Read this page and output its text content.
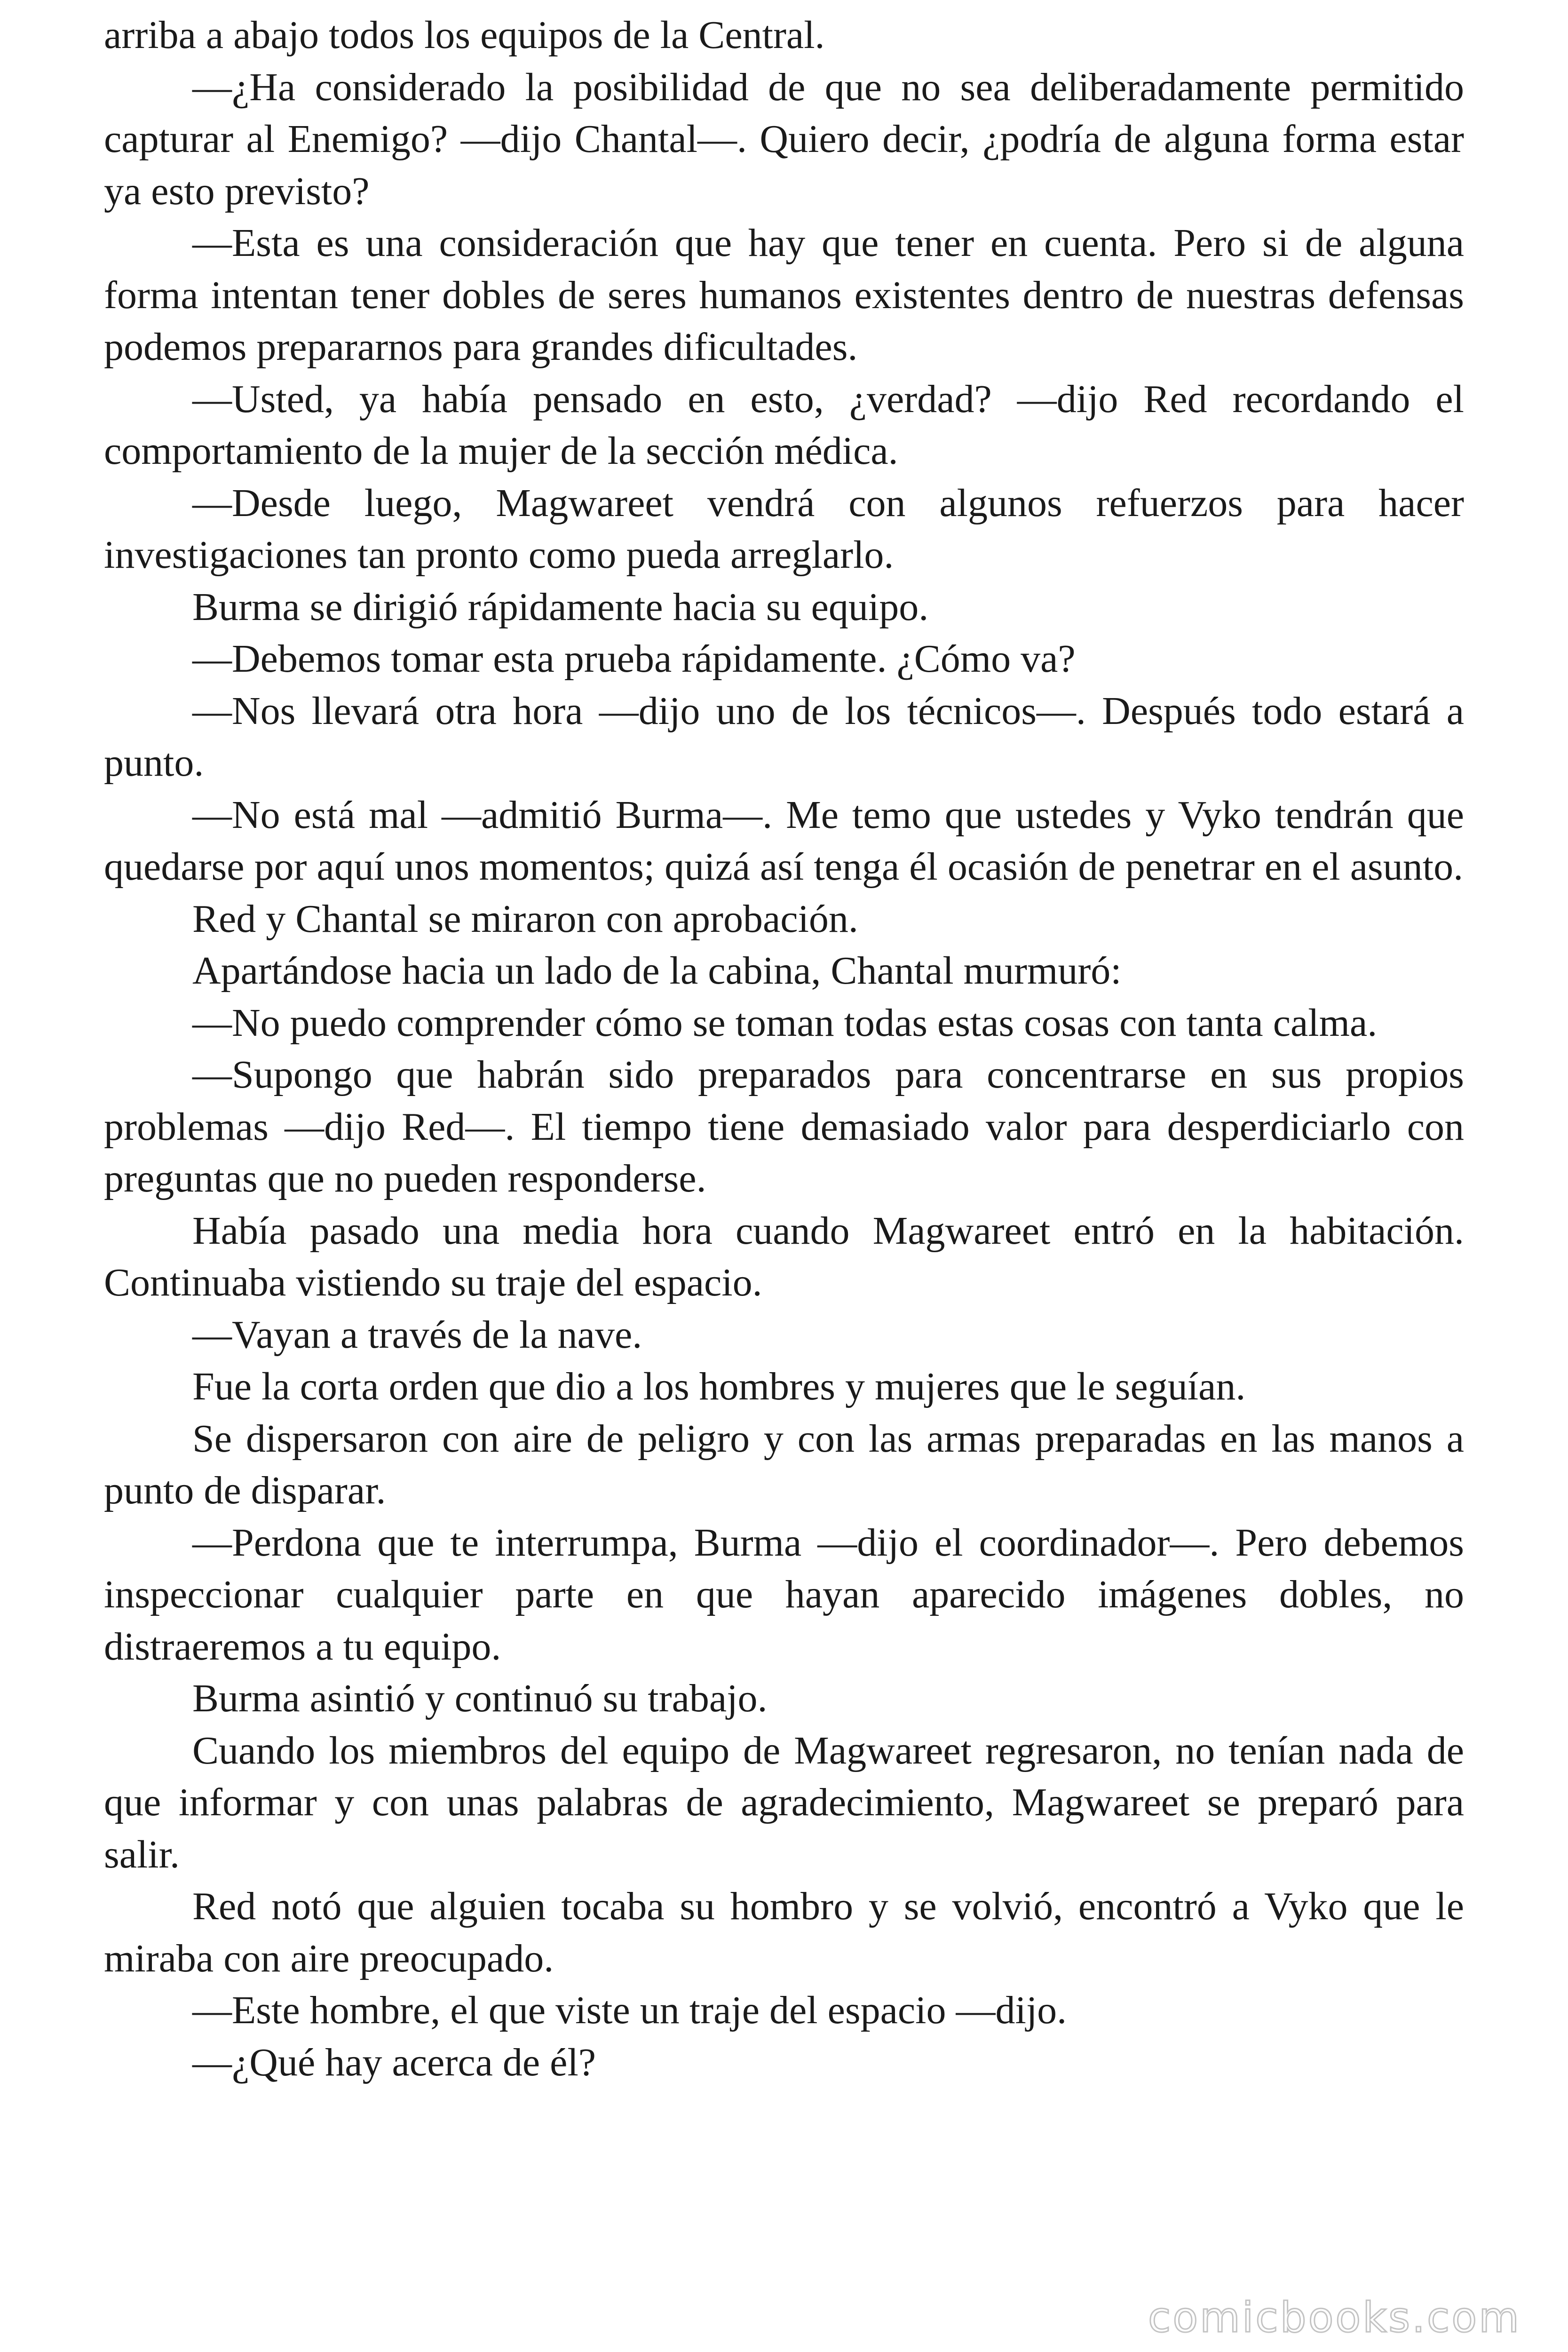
arriba a abajo todos los equipos de la Central.

—¿Ha considerado la posibilidad de que no sea deliberadamente permitido capturar al Enemigo? —dijo Chantal—. Quiero decir, ¿podría de alguna forma estar ya esto previsto?

—Esta es una consideración que hay que tener en cuenta. Pero si de alguna forma intentan tener dobles de seres humanos existentes dentro de nuestras defensas podemos prepararnos para grandes dificultades.

—Usted, ya había pensado en esto, ¿verdad? —dijo Red recordando el comportamiento de la mujer de la sección médica.

—Desde luego, Magwareet vendrá con algunos refuerzos para hacer investigaciones tan pronto como pueda arreglarlo.

Burma se dirigió rápidamente hacia su equipo.

—Debemos tomar esta prueba rápidamente. ¿Cómo va?

—Nos llevará otra hora —dijo uno de los técnicos—. Después todo estará a punto.

—No está mal —admitió Burma—. Me temo que ustedes y Vyko tendrán que quedarse por aquí unos momentos; quizá así tenga él ocasión de penetrar en el asunto.

Red y Chantal se miraron con aprobación.

Apartándose hacia un lado de la cabina, Chantal murmuró:

—No puedo comprender cómo se toman todas estas cosas con tanta calma.

—Supongo que habrán sido preparados para concentrarse en sus propios problemas —dijo Red—. El tiempo tiene demasiado valor para desperdiciarlo con preguntas que no pueden responderse.

Había pasado una media hora cuando Magwareet entró en la habitación. Continuaba vistiendo su traje del espacio.

—Vayan a través de la nave.

Fue la corta orden que dio a los hombres y mujeres que le seguían.

Se dispersaron con aire de peligro y con las armas preparadas en las manos a punto de disparar.

—Perdona que te interrumpa, Burma —dijo el coordinador—. Pero debemos inspeccionar cualquier parte en que hayan aparecido imágenes dobles, no distraeremos a tu equipo.

Burma asintió y continuó su trabajo.

Cuando los miembros del equipo de Magwareet regresaron, no tenían nada de que informar y con unas palabras de agradecimiento, Magwareet se preparó para salir.

Red notó que alguien tocaba su hombro y se volvió, encontró a Vyko que le miraba con aire preocupado.

—Este hombre, el que viste un traje del espacio —dijo.

—¿Qué hay acerca de él?

comicbooks.com
